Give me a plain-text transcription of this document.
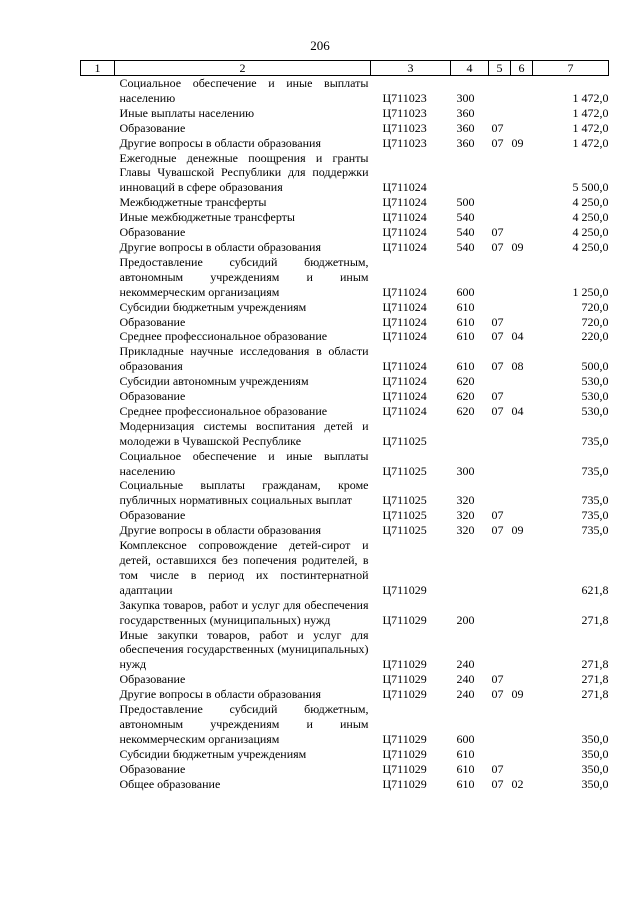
206
1	2	3	4	5	6	7
	Социальное обеспечение и иные выплаты населению	Ц711023	300			1 472,0
	Иные выплаты населению	Ц711023	360			1 472,0
	Образование	Ц711023	360	07		1 472,0
	Другие вопросы в области образования	Ц711023	360	07	09	1 472,0
	Ежегодные денежные поощрения и гранты Главы Чувашской Республики для поддержки инноваций в сфере образования	Ц711024				5 500,0
	Межбюджетные трансферты	Ц711024	500			4 250,0
	Иные межбюджетные трансферты	Ц711024	540			4 250,0
	Образование	Ц711024	540	07		4 250,0
	Другие вопросы в области образования	Ц711024	540	07	09	4 250,0
	Предоставление субсидий бюджетным, автономным учреждениям и иным некоммерческим организациям	Ц711024	600			1 250,0
	Субсидии бюджетным учреждениям	Ц711024	610			720,0
	Образование	Ц711024	610	07		720,0
	Среднее профессиональное образование	Ц711024	610	07	04	220,0
	Прикладные научные исследования в области образования	Ц711024	610	07	08	500,0
	Субсидии автономным учреждениям	Ц711024	620			530,0
	Образование	Ц711024	620	07		530,0
	Среднее профессиональное образование	Ц711024	620	07	04	530,0
	Модернизация системы воспитания детей и молодежи в Чувашской Республике	Ц711025				735,0
	Социальное обеспечение и иные выплаты населению	Ц711025	300			735,0
	Социальные выплаты гражданам, кроме публичных нормативных социальных выплат	Ц711025	320			735,0
	Образование	Ц711025	320	07		735,0
	Другие вопросы в области образования	Ц711025	320	07	09	735,0
	Комплексное сопровождение детей-сирот и детей, оставшихся без попечения родителей, в том числе в период их постинтернатной адаптации	Ц711029				621,8
	Закупка товаров, работ и услуг для обеспечения государственных (муниципальных) нужд	Ц711029	200			271,8
	Иные закупки товаров, работ и услуг для обеспечения государственных (муниципальных) нужд	Ц711029	240			271,8
	Образование	Ц711029	240	07		271,8
	Другие вопросы в области образования	Ц711029	240	07	09	271,8
	Предоставление субсидий бюджетным, автономным учреждениям и иным некоммерческим организациям	Ц711029	600			350,0
	Субсидии бюджетным учреждениям	Ц711029	610			350,0
	Образование	Ц711029	610	07		350,0
	Общее образование	Ц711029	610	07	02	350,0
